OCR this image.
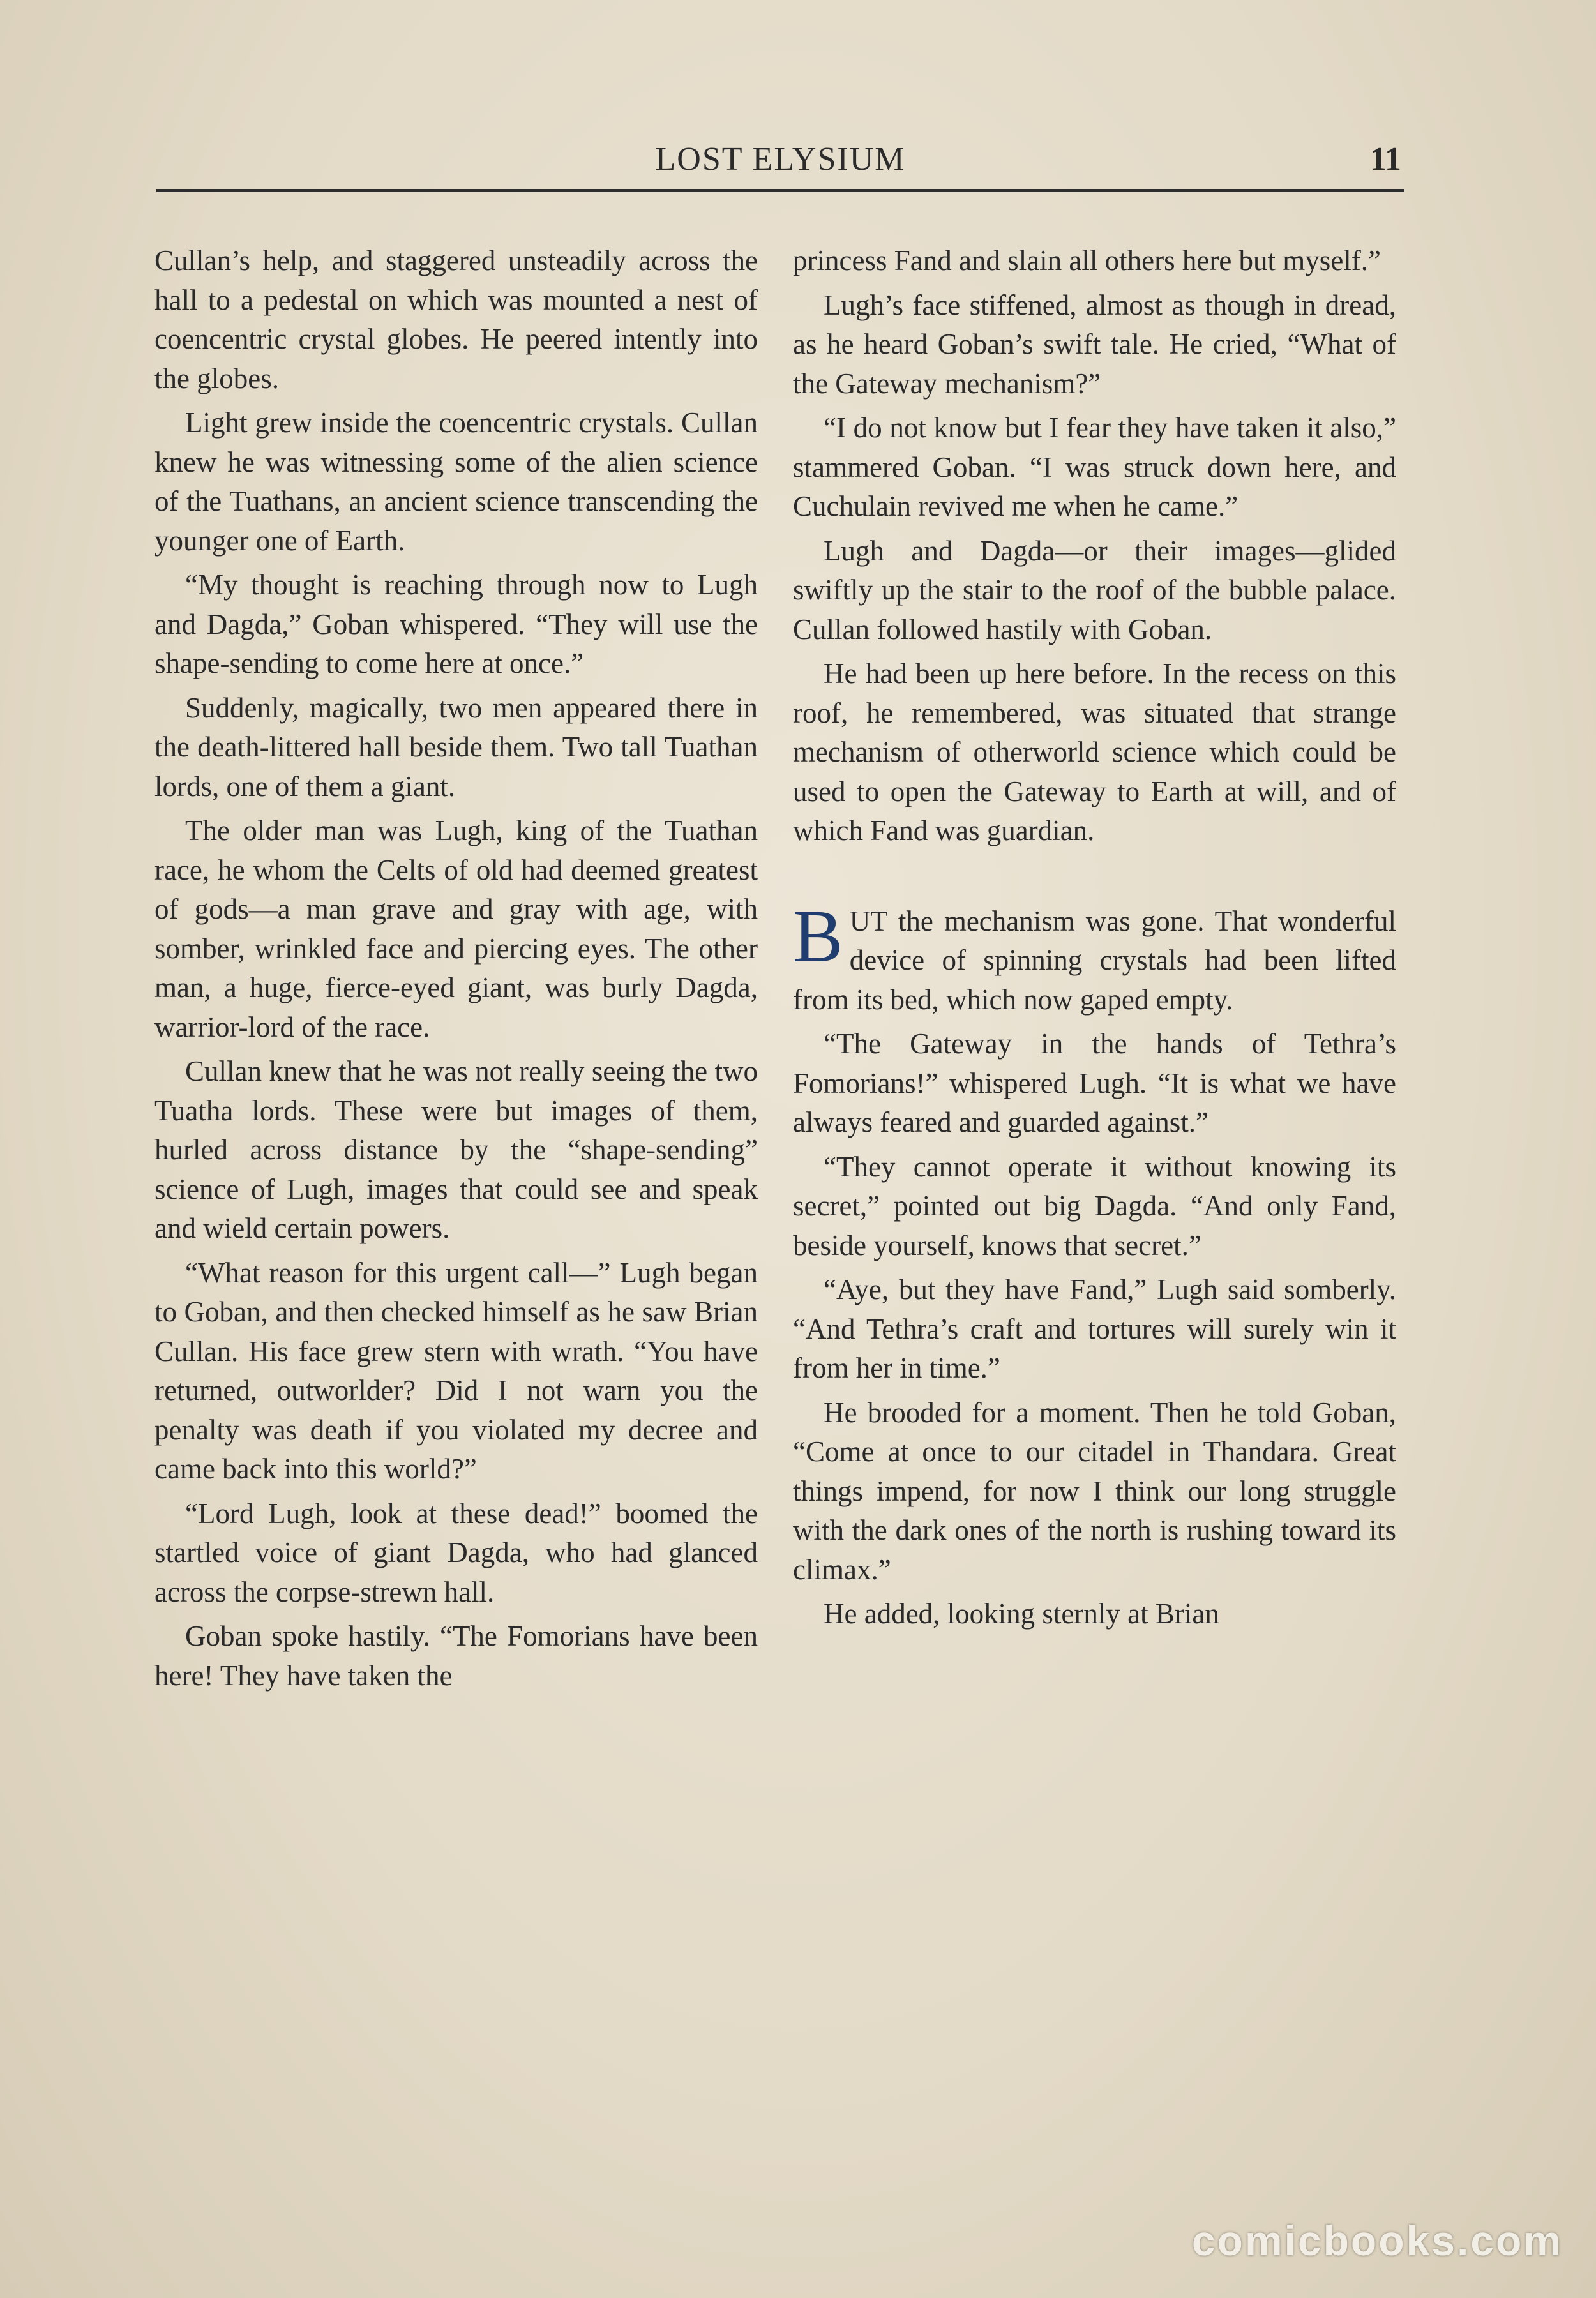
LOST ELYSIUM	11

Cullan’s help, and staggered unsteadily across the hall to a pedestal on which was mounted a nest of coencentric crystal globes. He peered intently into the globes.

Light grew inside the coencentric crystals. Cullan knew he was witnessing some of the alien science of the Tuathans, an ancient science transcending the younger one of Earth.

“My thought is reaching through now to Lugh and Dagda,” Goban whispered. “They will use the shape-sending to come here at once.”

Suddenly, magically, two men appeared there in the death-littered hall beside them. Two tall Tuathan lords, one of them a giant.

The older man was Lugh, king of the Tuathan race, he whom the Celts of old had deemed greatest of gods—a man grave and gray with age, with somber, wrinkled face and piercing eyes. The other man, a huge, fierce-eyed giant, was burly Dagda, warrior-lord of the race.

Cullan knew that he was not really seeing the two Tuatha lords. These were but images of them, hurled across distance by the “shape-sending” science of Lugh, images that could see and speak and wield certain powers.

“What reason for this urgent call—” Lugh began to Goban, and then checked himself as he saw Brian Cullan. His face grew stern with wrath. “You have returned, outworlder? Did I not warn you the penalty was death if you violated my decree and came back into this world?”

“Lord Lugh, look at these dead!” boomed the startled voice of giant Dagda, who had glanced across the corpse-strewn hall.

Goban spoke hastily. “The Fomorians have been here! They have taken the

princess Fand and slain all others here but myself.”

Lugh’s face stiffened, almost as though in dread, as he heard Goban’s swift tale. He cried, “What of the Gateway mechanism?”

“I do not know but I fear they have taken it also,” stammered Goban. “I was struck down here, and Cuchulain revived me when he came.”

Lugh and Dagda—or their images—glided swiftly up the stair to the roof of the bubble palace. Cullan followed hastily with Goban.

He had been up here before. In the recess on this roof, he remembered, was situated that strange mechanism of otherworld science which could be used to open the Gateway to Earth at will, and of which Fand was guardian.

BUT the mechanism was gone. That wonderful device of spinning crystals had been lifted from its bed, which now gaped empty.

“The Gateway in the hands of Tethra’s Fomorians!” whispered Lugh. “It is what we have always feared and guarded against.”

“They cannot operate it without knowing its secret,” pointed out big Dagda. “And only Fand, beside yourself, knows that secret.”

“Aye, but they have Fand,” Lugh said somberly. “And Tethra’s craft and tortures will surely win it from her in time.”

He brooded for a moment. Then he told Goban, “Come at once to our citadel in Thandara. Great things impend, for now I think our long struggle with the dark ones of the north is rushing toward its climax.”

He added, looking sternly at Brian

comicbooks.com
